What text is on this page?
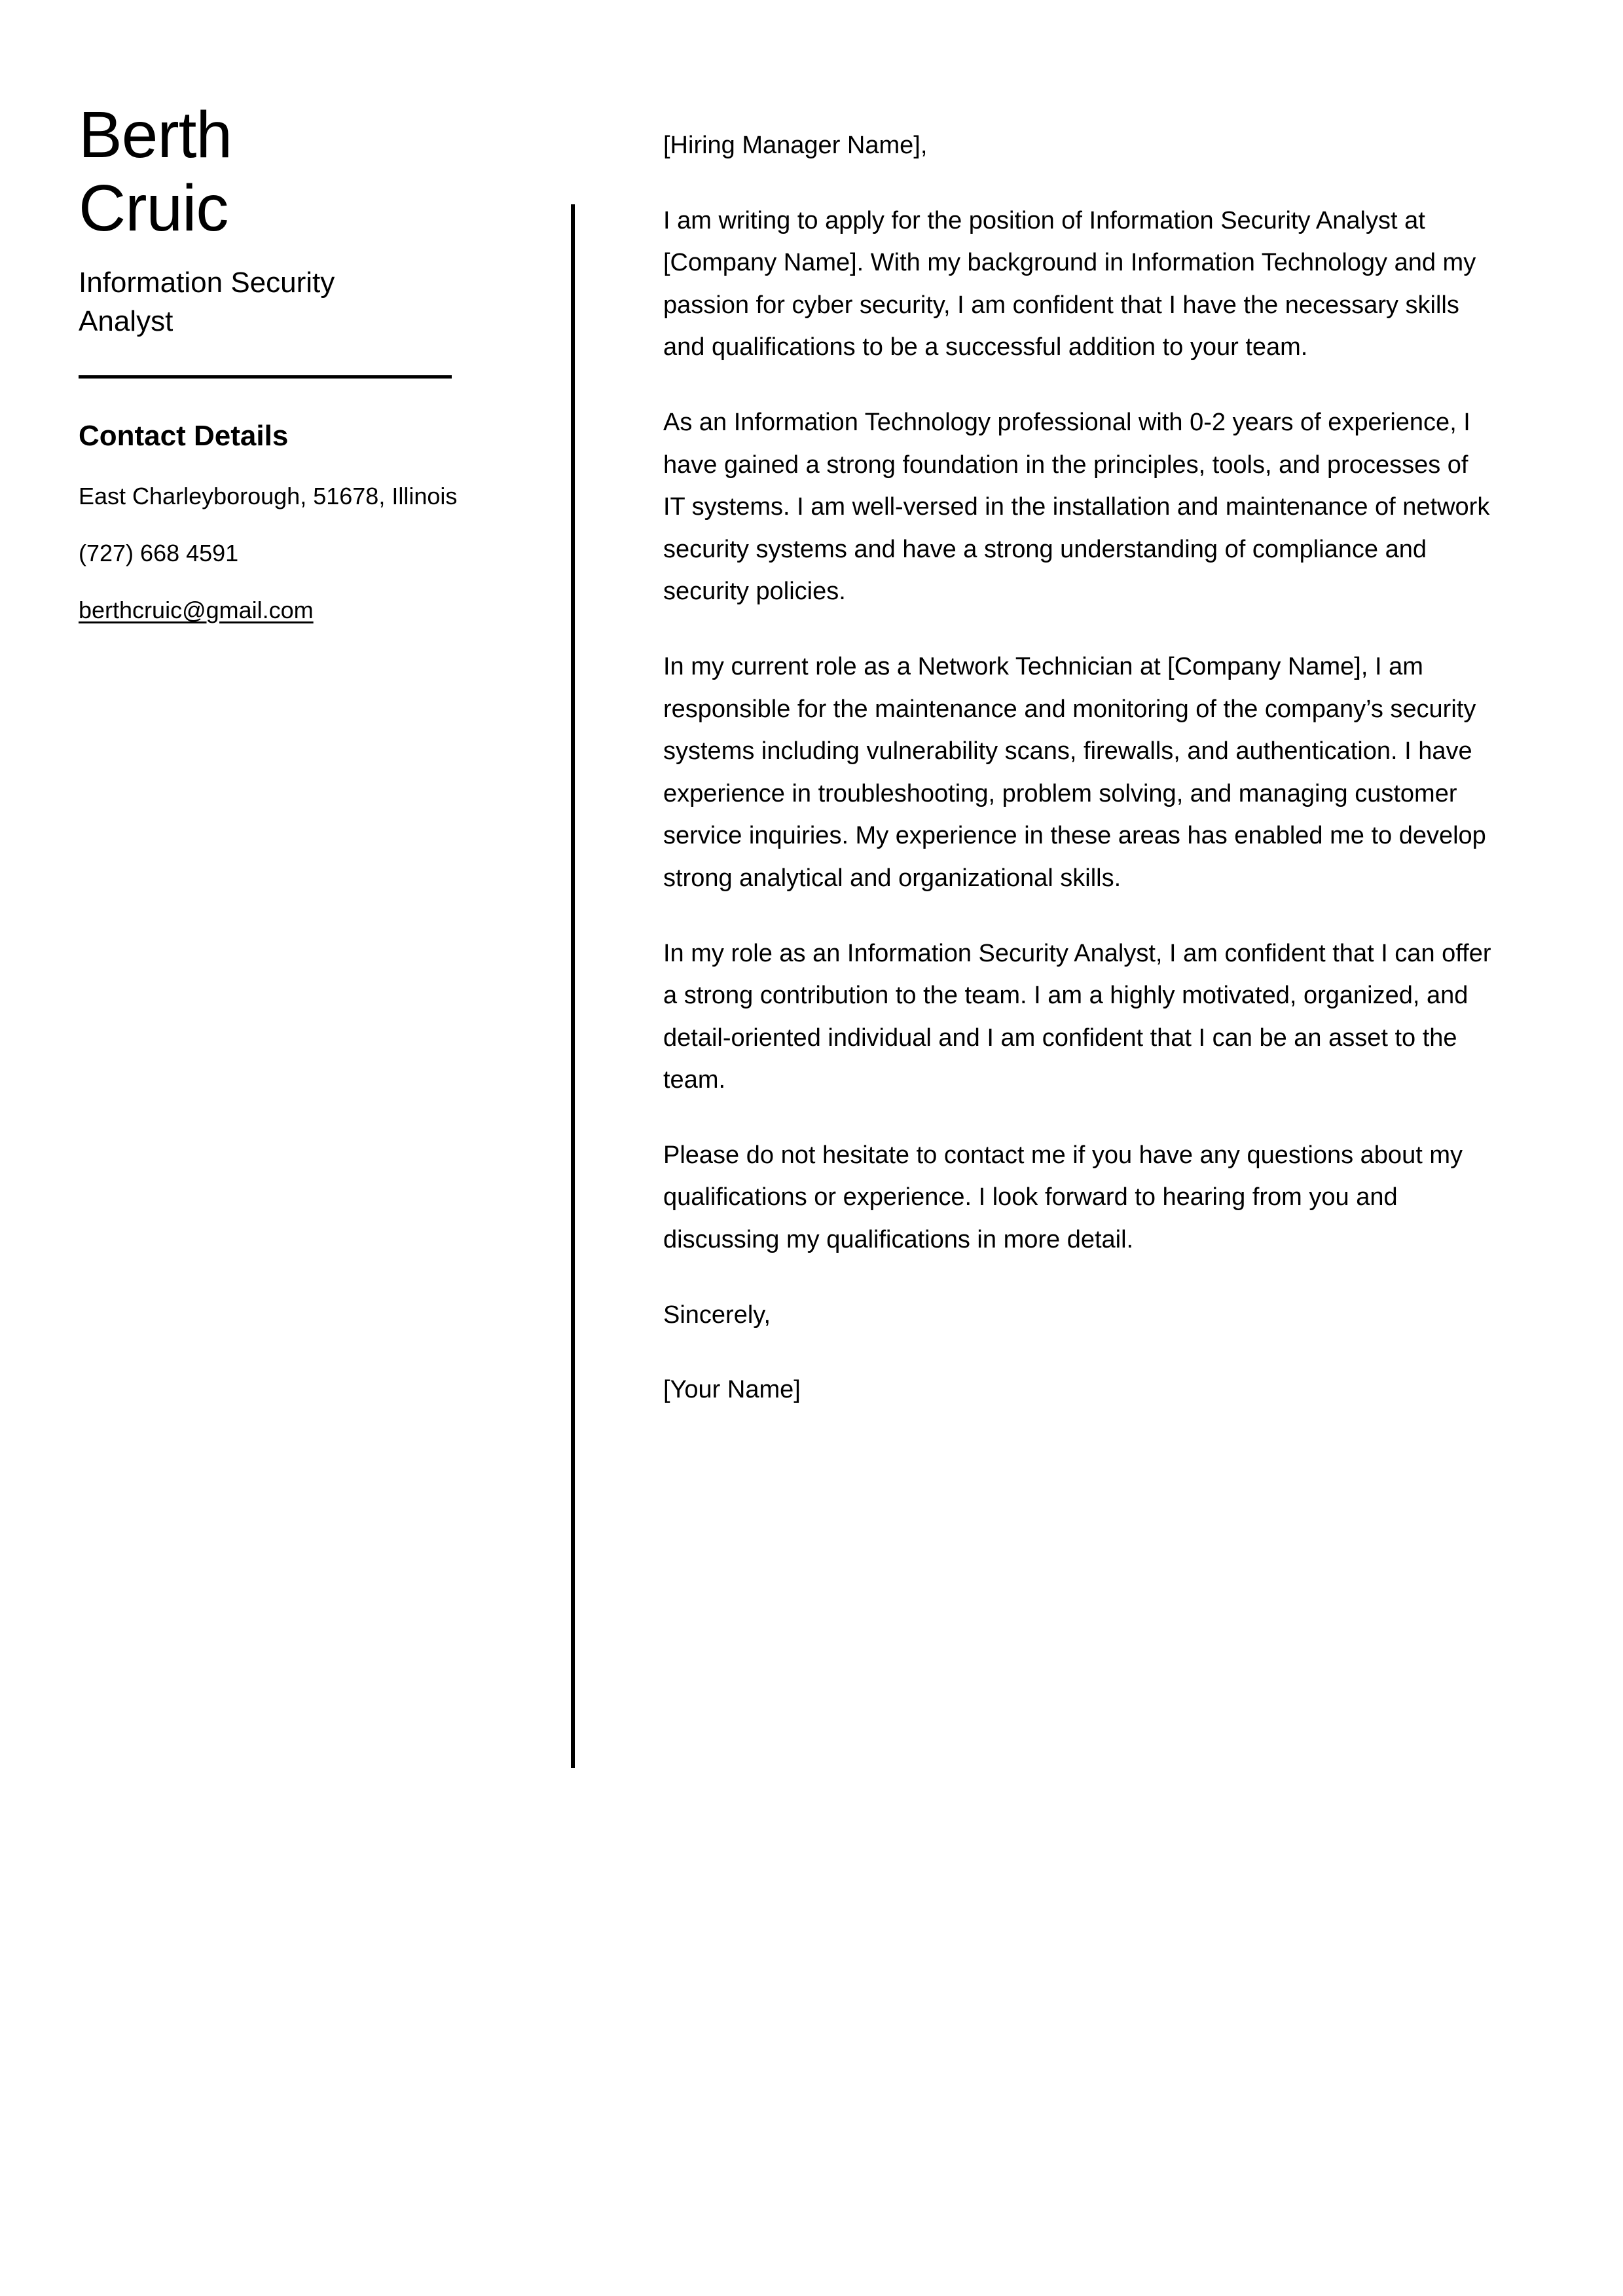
Berth
Cruic
Information Security Analyst
Contact Details
East Charleyborough, 51678, Illinois
(727) 668 4591
berthcruic@gmail.com

[Hiring Manager Name],

I am writing to apply for the position of Information Security Analyst at [Company Name]. With my background in Information Technology and my passion for cyber security, I am confident that I have the necessary skills and qualifications to be a successful addition to your team.

As an Information Technology professional with 0-2 years of experience, I have gained a strong foundation in the principles, tools, and processes of IT systems. I am well-versed in the installation and maintenance of network security systems and have a strong understanding of compliance and security policies.

In my current role as a Network Technician at [Company Name], I am responsible for the maintenance and monitoring of the company’s security systems including vulnerability scans, firewalls, and authentication. I have experience in troubleshooting, problem solving, and managing customer service inquiries. My experience in these areas has enabled me to develop strong analytical and organizational skills.

In my role as an Information Security Analyst, I am confident that I can offer a strong contribution to the team. I am a highly motivated, organized, and detail-oriented individual and I am confident that I can be an asset to the team.

Please do not hesitate to contact me if you have any questions about my qualifications or experience. I look forward to hearing from you and discussing my qualifications in more detail.

Sincerely,

[Your Name]
